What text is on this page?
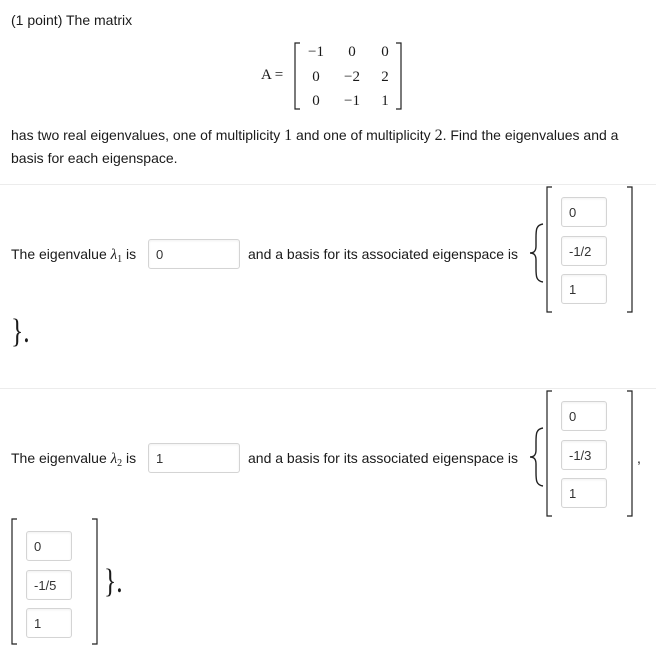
(1 point) The matrix
A =
−1	0	0
0	−2	2
0	−1	1
has two real eigenvalues, one of multiplicity 1 and one of multiplicity 2. Find the eigenvalues and a basis for each eigenspace.
The eigenvalue $\lambda_1$ is
0	and a basis for its associated eigenspace is
0
-1/2
1
}.
The eigenvalue $\lambda_2$ is
1	and a basis for its associated eigenspace is
0
-1/3
1	,
0
-1/5
1
}.
